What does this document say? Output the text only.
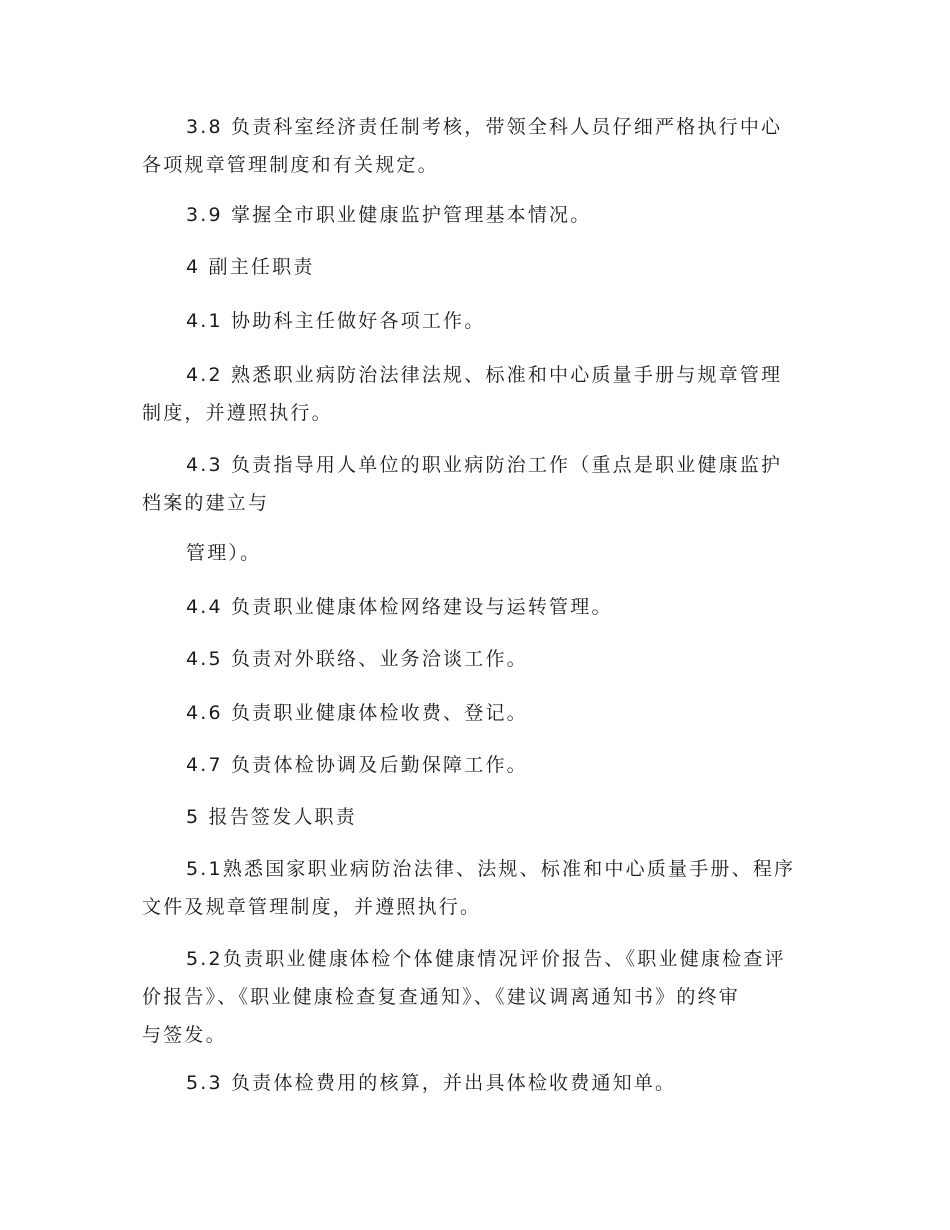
3.8 负责科室经济责任制考核，带领全科人员仔细严格执行中心
各项规章管理制度和有关规定。
3.9 掌握全市职业健康监护管理基本情况。
4 副主任职责
4.1 协助科主任做好各项工作。
4.2 熟悉职业病防治法律法规、标准和中心质量手册与规章管理
制度，并遵照执行。
4.3 负责指导用人单位的职业病防治工作（重点是职业健康监护
档案的建立与
管理）。
4.4 负责职业健康体检网络建设与运转管理。
4.5 负责对外联络、业务洽谈工作。
4.6 负责职业健康体检收费、登记。
4.7 负责体检协调及后勤保障工作。
5 报告签发人职责
5.1熟悉国家职业病防治法律、法规、标准和中心质量手册、程序
文件及规章管理制度，并遵照执行。
5.2负责职业健康体检个体健康情况评价报告、《职业健康检查评
价报告》、《职业健康检查复查通知》、《建议调离通知书》的终审
与签发。
5.3 负责体检费用的核算，并出具体检收费通知单。
